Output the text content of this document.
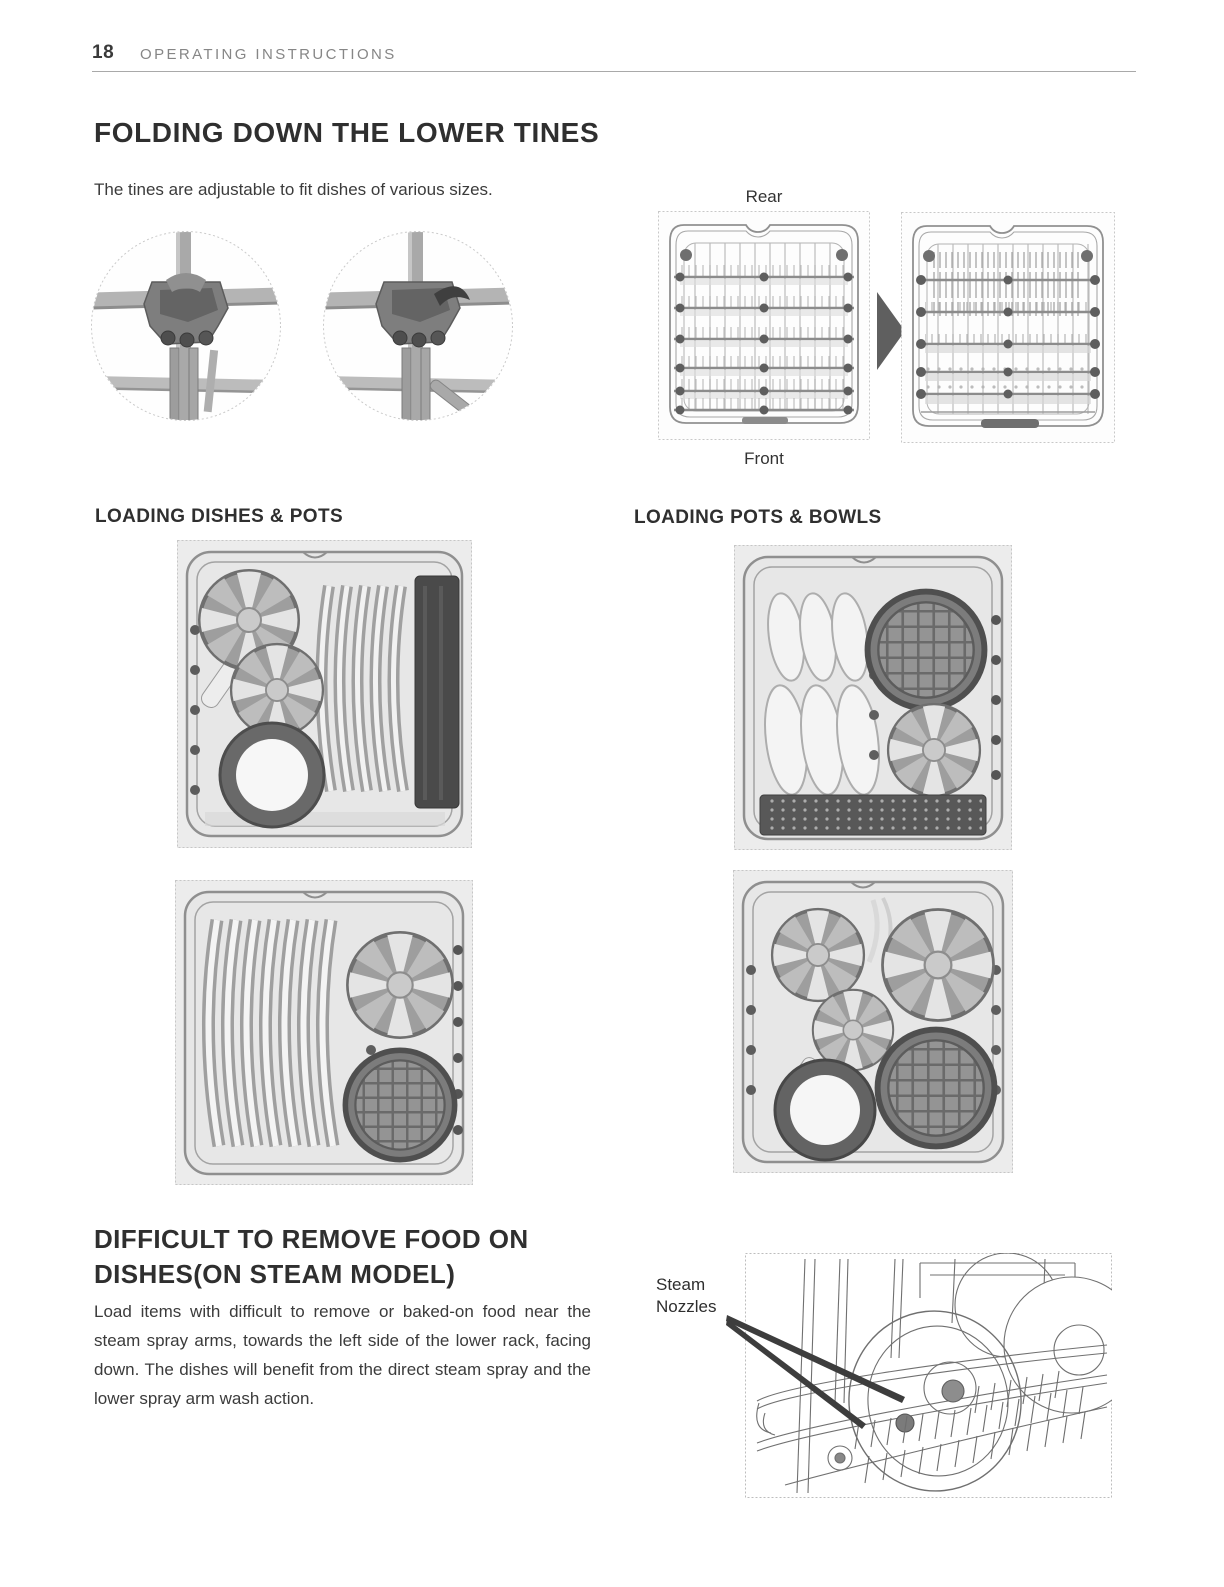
18 OPERATING INSTRUCTIONS
FOLDING DOWN THE LOWER TINES
The tines are adjustable to fit dishes of various sizes.	Rear
Front
LOADING DISHES & POTS	LOADING POTS & BOWLS
DIFFICULT TO REMOVE FOOD ON DISHES(ON STEAM MODEL)
Load items with difficult to remove or baked-on food near the steam spray arms, towards the left side of the lower rack, facing down. The dishes will benefit from the direct steam spray and the lower spray arm wash action.
Steam Nozzles
